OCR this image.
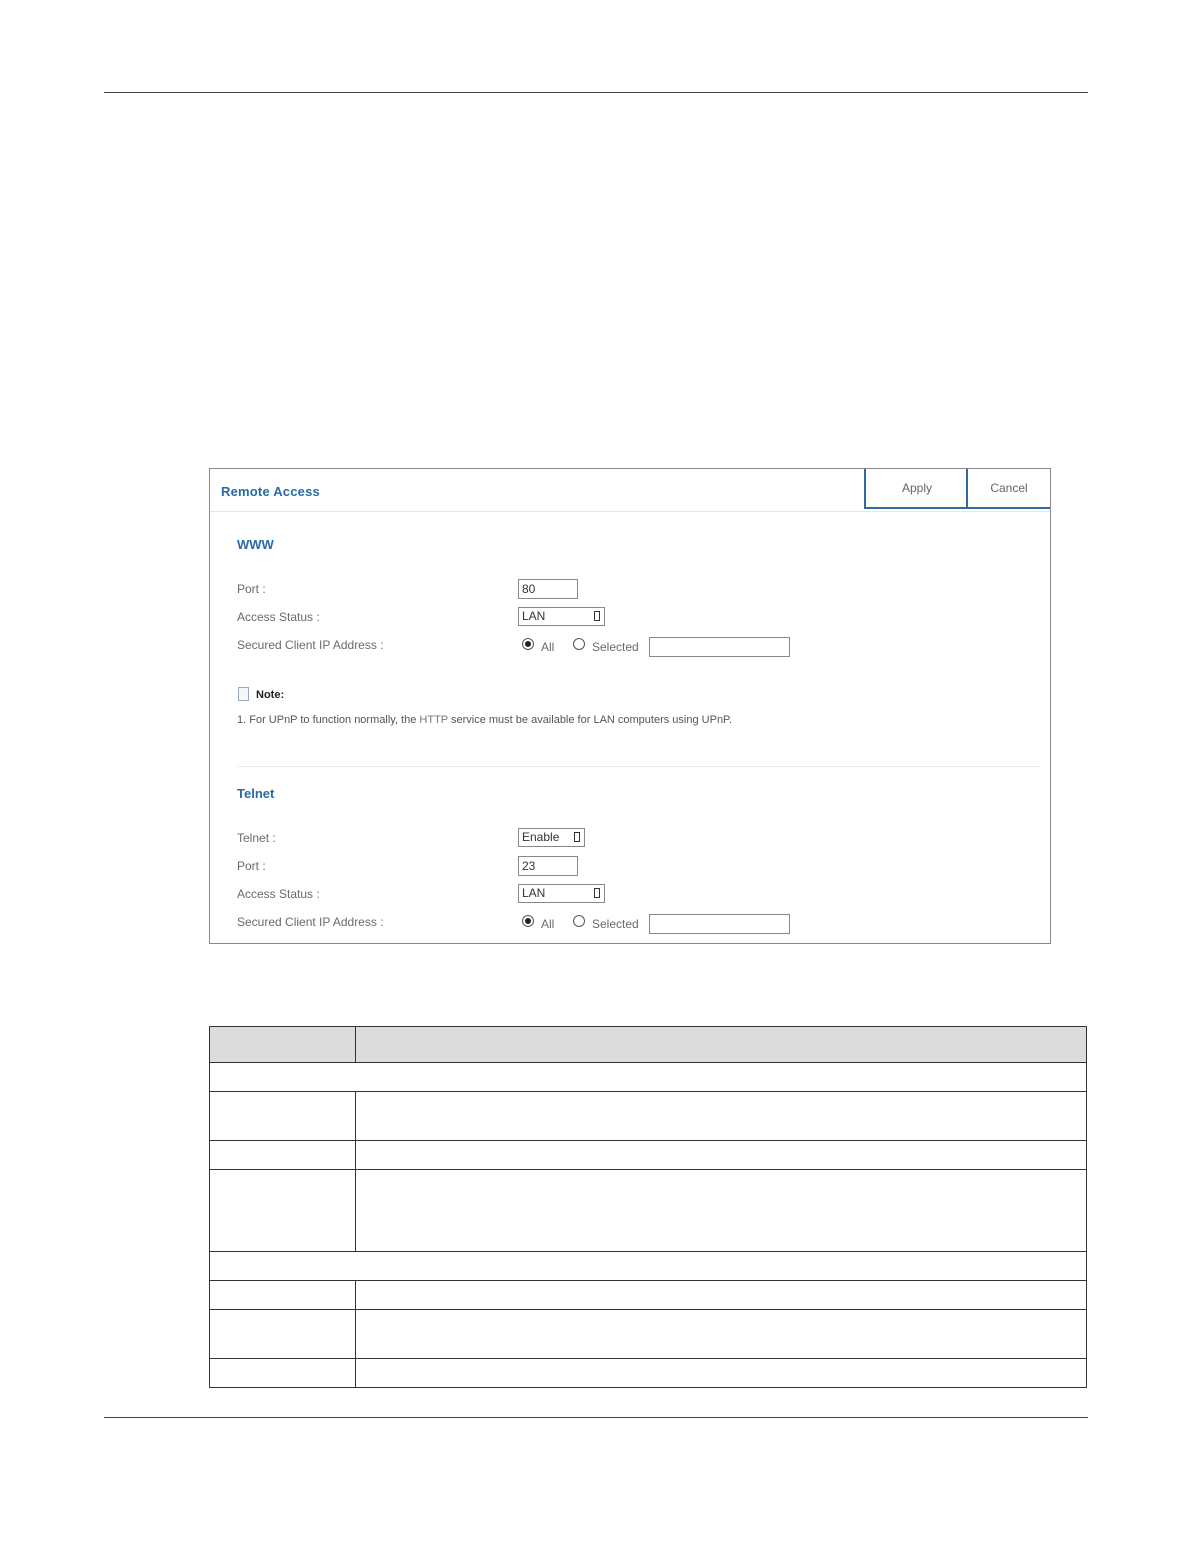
Remote Access	Apply	Cancel
WWW
Port :
80
Access Status :	LAN
Secured Client IP Address :	All	Selected
Note:
1. For UPnP to function normally, the HTTP service must be available for LAN computers using UPnP.
Telnet
Telnet :	Enable
Port :
23
Access Status :	LAN
Secured Client IP Address :	All	Selected
